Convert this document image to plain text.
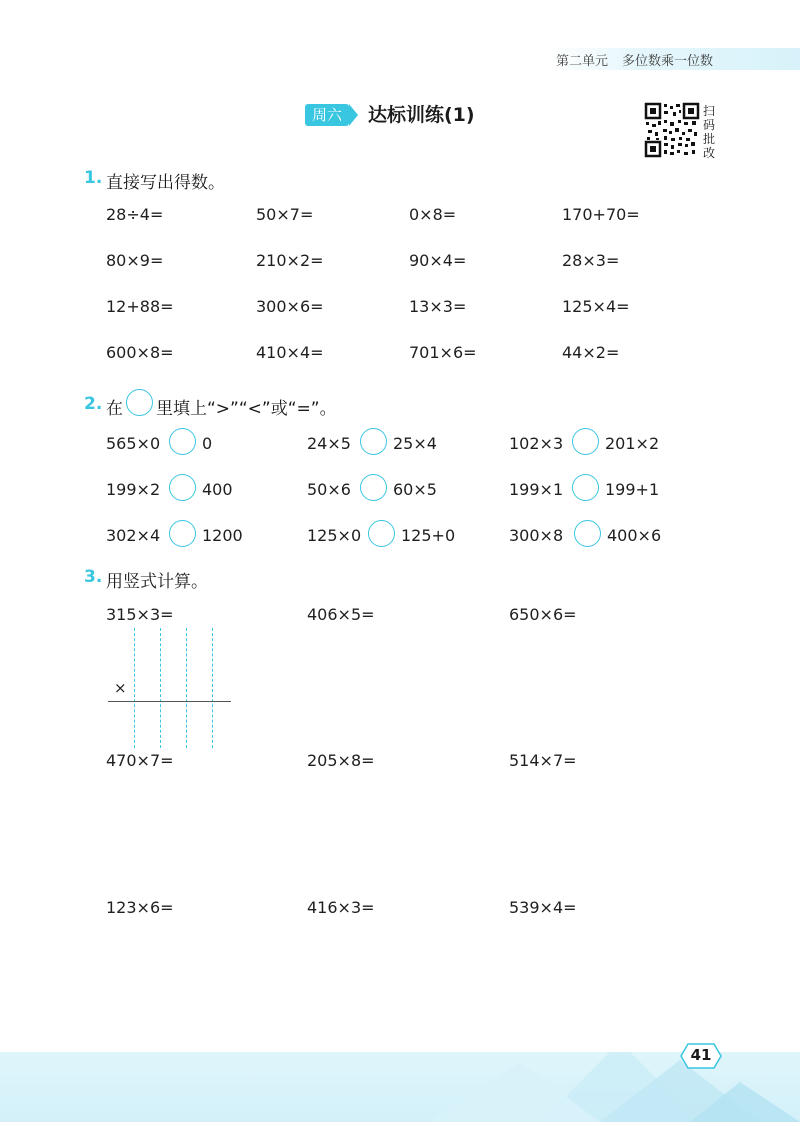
第二单元 多位数乘一位数
周六	达标训练(1)	扫码批改
1. 直接写出得数。
28÷4=	50×7=	0×8=	170+70=
80×9=	210×2=	90×4=	28×3=
12+88=	300×6=	13×3=	125×4=
600×8=	410×4=	701×6=	44×2=
2. 在 里填上“>”“<”或“=”。
565×0	0	24×5	25×4	102×3	201×2
199×2	400	50×6	60×5	199×1	199+1
302×4	1200	125×0 125+0	300×8	400×6
3. 用竖式计算。
315×3=	406×5=	650×6=
×
470×7=	205×8=	514×7=
123×6=	416×3=	539×4=
41
